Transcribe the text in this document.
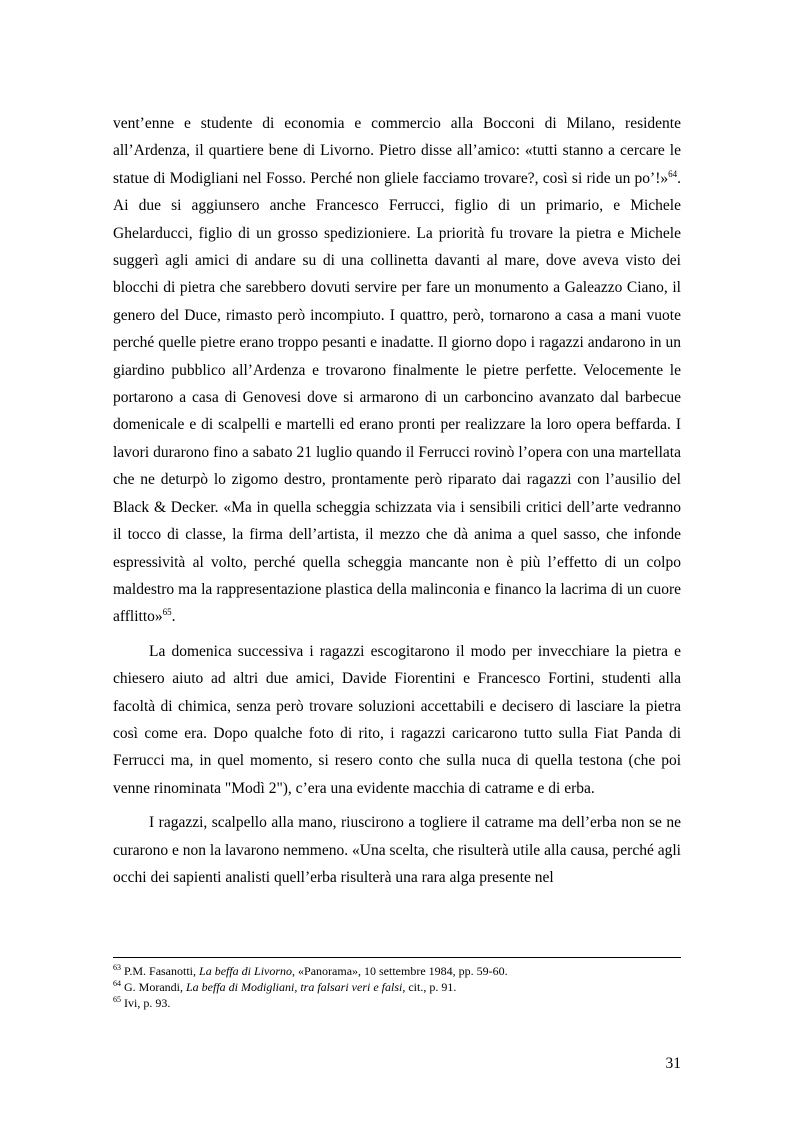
vent’enne e studente di economia e commercio alla Bocconi di Milano, residente all’Ardenza, il quartiere bene di Livorno. Pietro disse all’amico: «tutti stanno a cercare le statue di Modigliani nel Fosso. Perché non gliele facciamo trovare?, così si ride un po’!»$^{64}$. Ai due si aggiunsero anche Francesco Ferrucci, figlio di un primario, e Michele Ghelarducci, figlio di un grosso spedizioniere. La priorità fu trovare la pietra e Michele suggerì agli amici di andare su di una collinetta davanti al mare, dove aveva visto dei blocchi di pietra che sarebbero dovuti servire per fare un monumento a Galeazzo Ciano, il genero del Duce, rimasto però incompiuto. I quattro, però, tornarono a casa a mani vuote perché quelle pietre erano troppo pesanti e inadatte. Il giorno dopo i ragazzi andarono in un giardino pubblico all’Ardenza e trovarono finalmente le pietre perfette. Velocemente le portarono a casa di Genovesi dove si armarono di un carboncino avanzato dal barbecue domenicale e di scalpelli e martelli ed erano pronti per realizzare la loro opera beffarda. I lavori durarono fino a sabato 21 luglio quando il Ferrucci rovinò l’opera con una martellata che ne deturpò lo zigomo destro, prontamente però riparato dai ragazzi con l’ausilio del Black & Decker. «Ma in quella scheggia schizzata via i sensibili critici dell’arte vedranno il tocco di classe, la firma dell’artista, il mezzo che dà anima a quel sasso, che infonde espressività al volto, perché quella scheggia mancante non è più l’effetto di un colpo maldestro ma la rappresentazione plastica della malinconia e financo la lacrima di un cuore afflitto»$^{65}$.

La domenica successiva i ragazzi escogitarono il modo per invecchiare la pietra e chiesero aiuto ad altri due amici, Davide Fiorentini e Francesco Fortini, studenti alla facoltà di chimica, senza però trovare soluzioni accettabili e decisero di lasciare la pietra così come era. Dopo qualche foto di rito, i ragazzi caricarono tutto sulla Fiat Panda di Ferrucci ma, in quel momento, si resero conto che sulla nuca di quella testona (che poi venne rinominata "Modì 2"), c’era una evidente macchia di catrame e di erba.

I ragazzi, scalpello alla mano, riuscirono a togliere il catrame ma dell’erba non se ne curarono e non la lavarono nemmeno. «Una scelta, che risulterà utile alla causa, perché agli occhi dei sapienti analisti quell’erba risulterà una rara alga presente nel

$^{63}$ P.M. Fasanotti, La beffa di Livorno, «Panorama», 10 settembre 1984, pp. 59-60.

$^{64}$ G. Morandi, La beffa di Modigliani, tra falsari veri e falsi, cit., p. 91.

$^{65}$ Ivi, p. 93.

31
